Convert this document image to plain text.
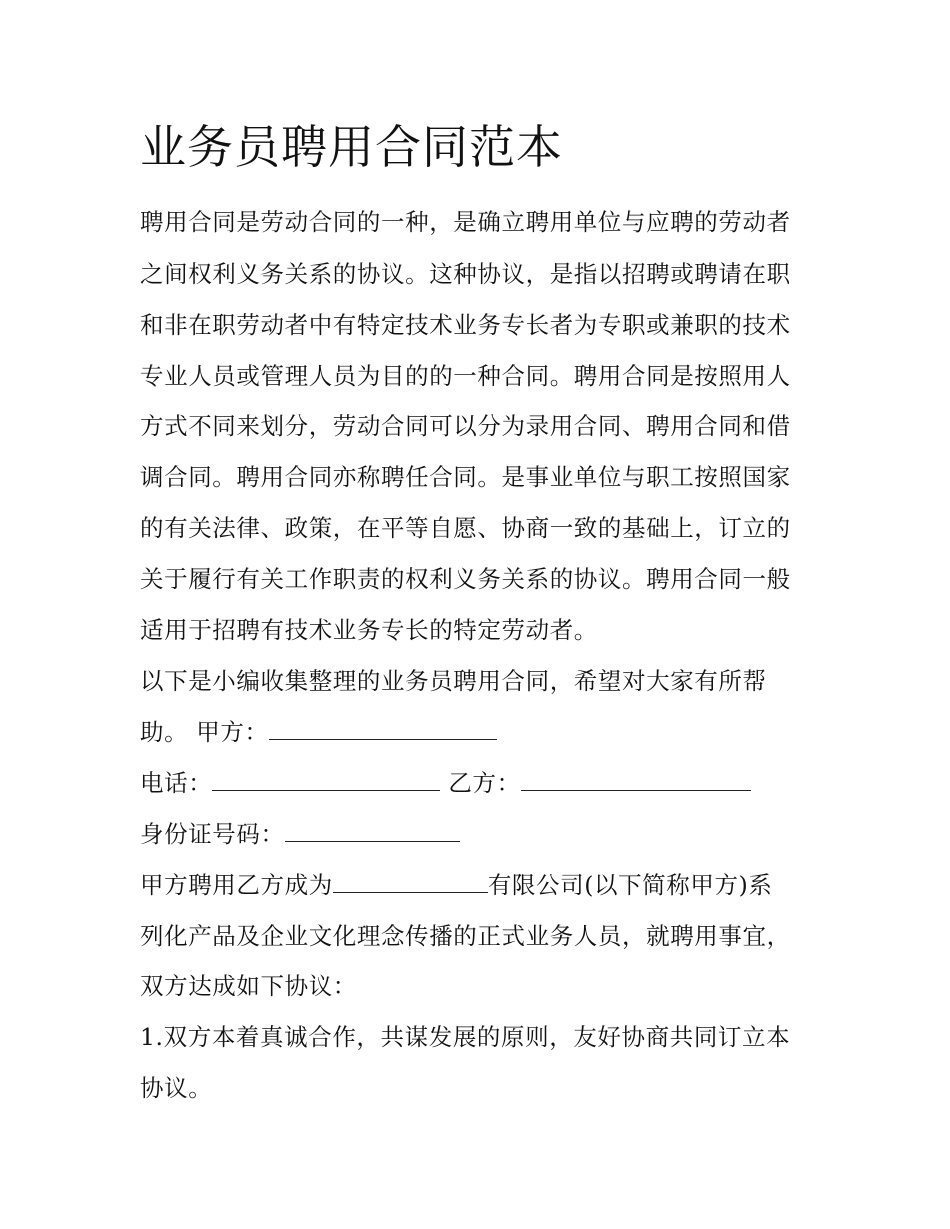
业务员聘用合同范本
聘用合同是劳动合同的一种，是确立聘用单位与应聘的劳动者
之间权利义务关系的协议。这种协议，是指以招聘或聘请在职
和非在职劳动者中有特定技术业务专长者为专职或兼职的技术
专业人员或管理人员为目的的一种合同。聘用合同是按照用人
方式不同来划分，劳动合同可以分为录用合同、聘用合同和借
调合同。聘用合同亦称聘任合同。是事业单位与职工按照国家
的有关法律、政策，在平等自愿、协商一致的基础上，订立的
关于履行有关工作职责的权利义务关系的协议。聘用合同一般
适用于招聘有技术业务专长的特定劳动者。
以下是小编收集整理的业务员聘用合同，希望对大家有所帮
助。 甲方：
电话：	乙方：
身份证号码：
甲方聘用乙方成为	有限公司(以下简称甲方)系
列化产品及企业文化理念传播的正式业务人员，就聘用事宜，
双方达成如下协议：
1.双方本着真诚合作，共谋发展的原则，友好协商共同订立本
协议。
